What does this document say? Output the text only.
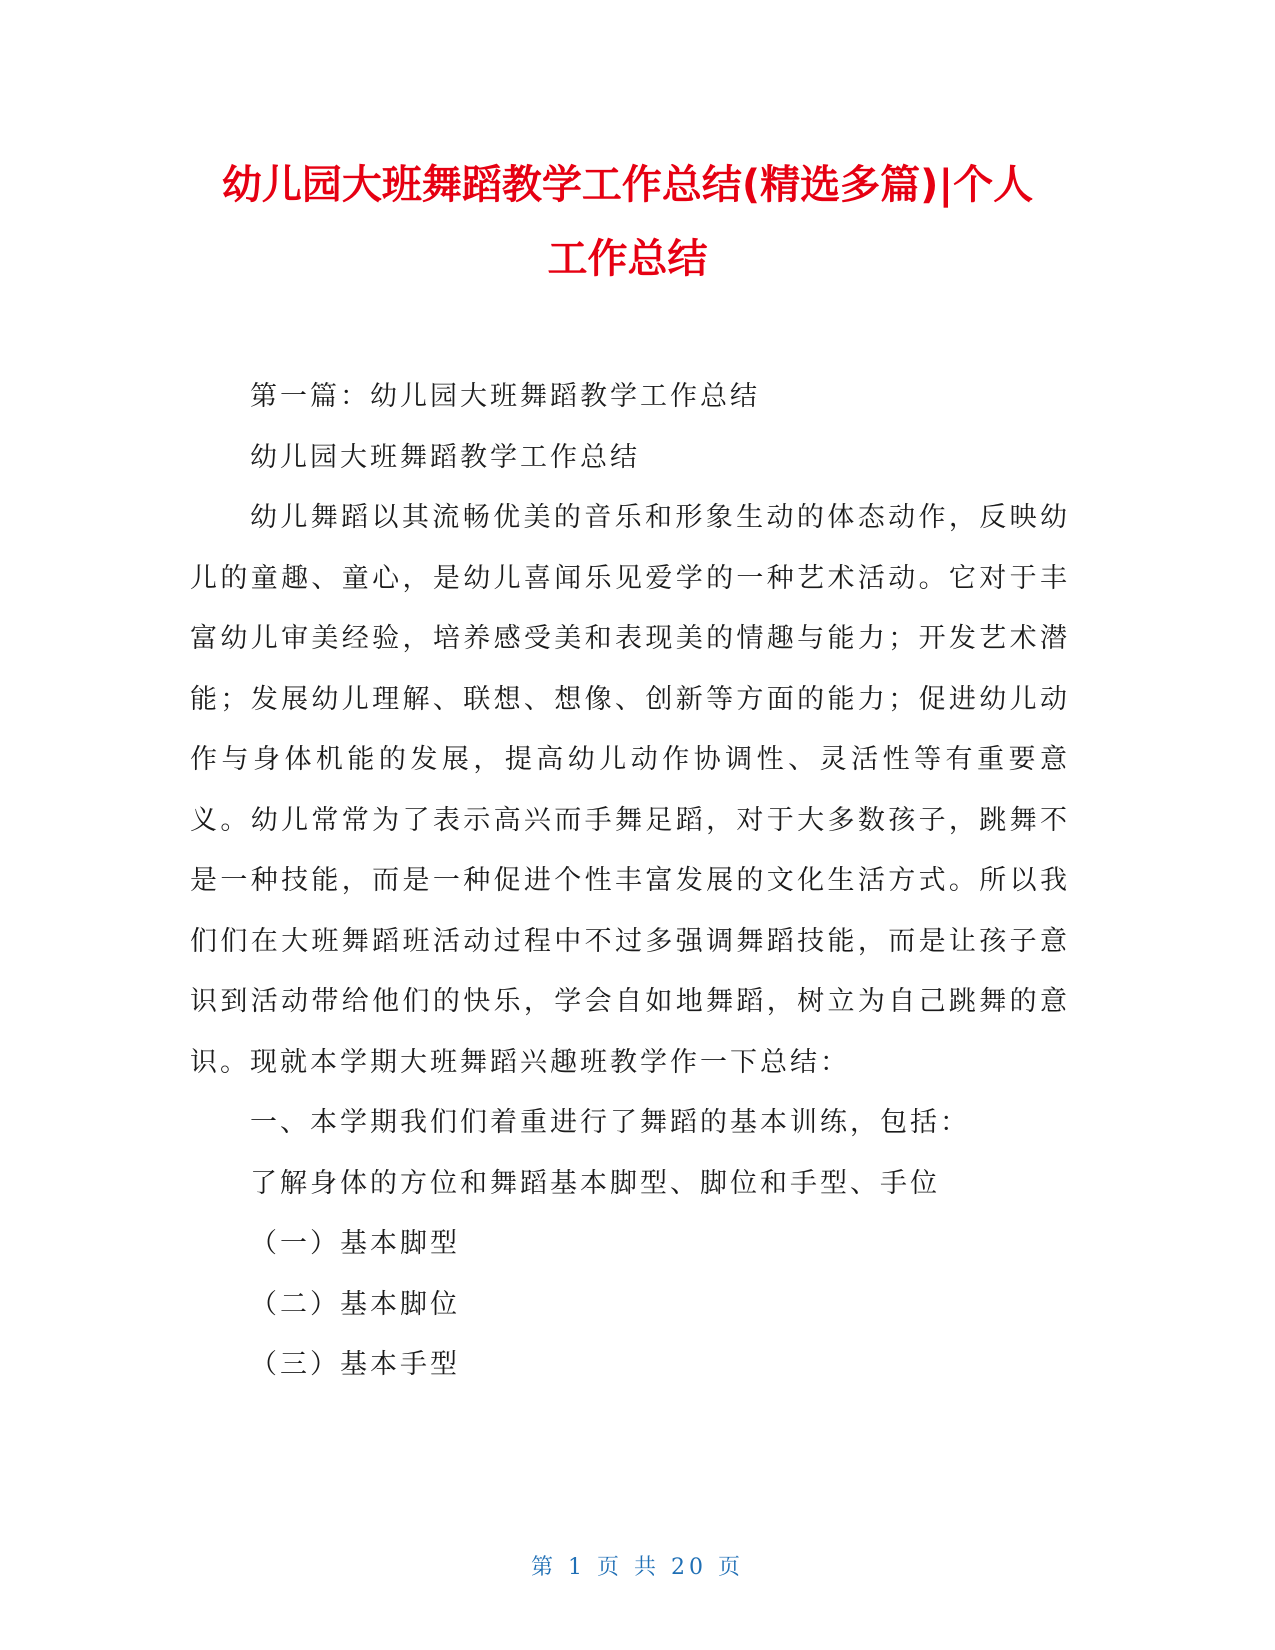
幼儿园大班舞蹈教学工作总结(精选多篇)|个人
工作总结

第一篇：幼儿园大班舞蹈教学工作总结

幼儿园大班舞蹈教学工作总结

幼儿舞蹈以其流畅优美的音乐和形象生动的体态动作，反映幼儿的童趣、童心，是幼儿喜闻乐见爱学的一种艺术活动。它对于丰富幼儿审美经验，培养感受美和表现美的情趣与能力；开发艺术潜能；发展幼儿理解、联想、想像、创新等方面的能力；促进幼儿动作与身体机能的发展，提高幼儿动作协调性、灵活性等有重要意义。幼儿常常为了表示高兴而手舞足蹈，对于大多数孩子，跳舞不是一种技能，而是一种促进个性丰富发展的文化生活方式。所以我们们在大班舞蹈班活动过程中不过多强调舞蹈技能，而是让孩子意识到活动带给他们的快乐，学会自如地舞蹈，树立为自己跳舞的意识。现就本学期大班舞蹈兴趣班教学作一下总结：

一、本学期我们们着重进行了舞蹈的基本训练，包括：

了解身体的方位和舞蹈基本脚型、脚位和手型、手位

（一）基本脚型

（二）基本脚位

（三）基本手型

第 1 页 共 20 页
